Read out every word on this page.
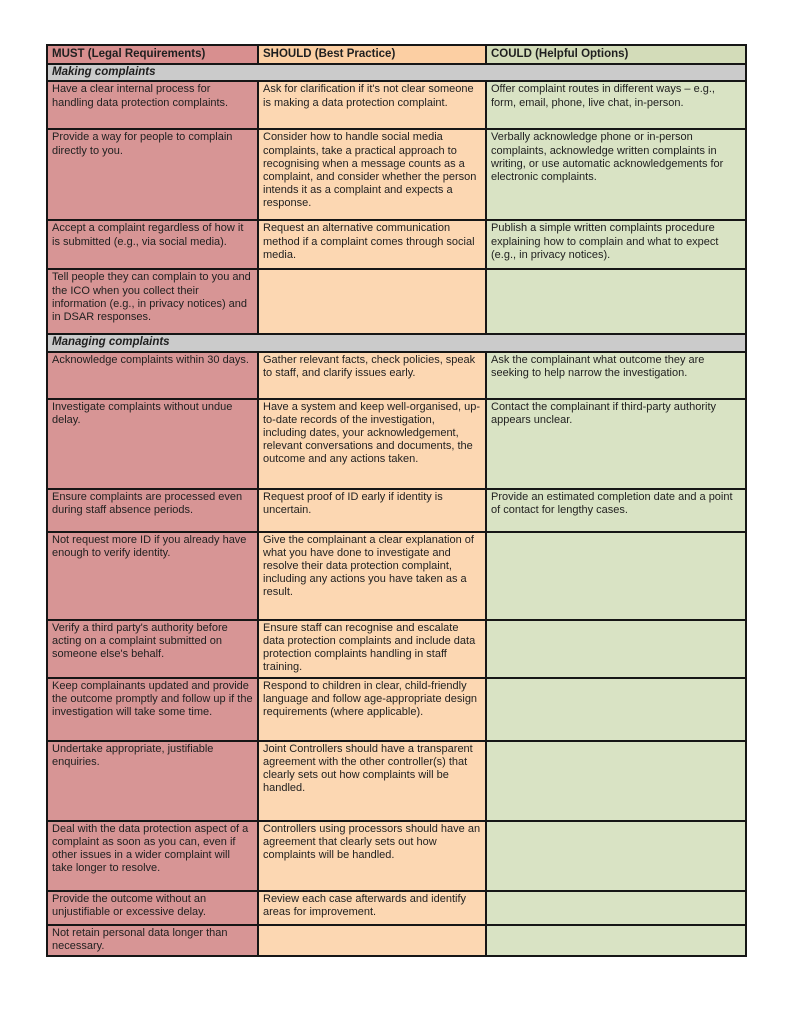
MUST (Legal Requirements)	SHOULD (Best Practice)	COULD (Helpful Options)
Making complaints		
Have a clear internal process for handling data protection complaints.	Ask for clarification if it's not clear someone is making a data protection complaint.	Offer complaint routes in different ways – e.g., form, email, phone, live chat, in-person.
Provide a way for people to complain directly to you.	Consider how to handle social media complaints, take a practical approach to recognising when a message counts as a complaint, and consider whether the person intends it as a complaint and expects a response.	Verbally acknowledge phone or in-person complaints, acknowledge written complaints in writing, or use automatic acknowledgements for electronic complaints.
Accept a complaint regardless of how it is submitted (e.g., via social media).	Request an alternative communication method if a complaint comes through social media.	Publish a simple written complaints procedure explaining how to complain and what to expect (e.g., in privacy notices).
Tell people they can complain to you and the ICO when you collect their information (e.g., in privacy notices) and in DSAR responses.		
Managing complaints		
Acknowledge complaints within 30 days.	Gather relevant facts, check policies, speak to staff, and clarify issues early.	Ask the complainant what outcome they are seeking to help narrow the investigation.
Investigate complaints without undue delay.	Have a system and keep well-organised, up-to-date records of the investigation, including dates, your acknowledgement, relevant conversations and documents, the outcome and any actions taken.	Contact the complainant if third-party authority appears unclear.
Ensure complaints are processed even during staff absence periods.	Request proof of ID early if identity is uncertain.	Provide an estimated completion date and a point of contact for lengthy cases.
Not request more ID if you already have enough to verify identity.	Give the complainant a clear explanation of what you have done to investigate and resolve their data protection complaint, including any actions you have taken as a result.	
Verify a third party's authority before acting on a complaint submitted on someone else's behalf.	Ensure staff can recognise and escalate data protection complaints and include data protection complaints handling in staff training.	
Keep complainants updated and provide the outcome promptly and follow up if the investigation will take some time.	Respond to children in clear, child-friendly language and follow age-appropriate design requirements (where applicable).	
Undertake appropriate, justifiable enquiries.	Joint Controllers should have a transparent agreement with the other controller(s) that clearly sets out how complaints will be handled.	
Deal with the data protection aspect of a complaint as soon as you can, even if other issues in a wider complaint will take longer to resolve.	Controllers using processors should have an agreement that clearly sets out how complaints will be handled.	
Provide the outcome without an unjustifiable or excessive delay.	Review each case afterwards and identify areas for improvement.	
Not retain personal data longer than necessary.		
